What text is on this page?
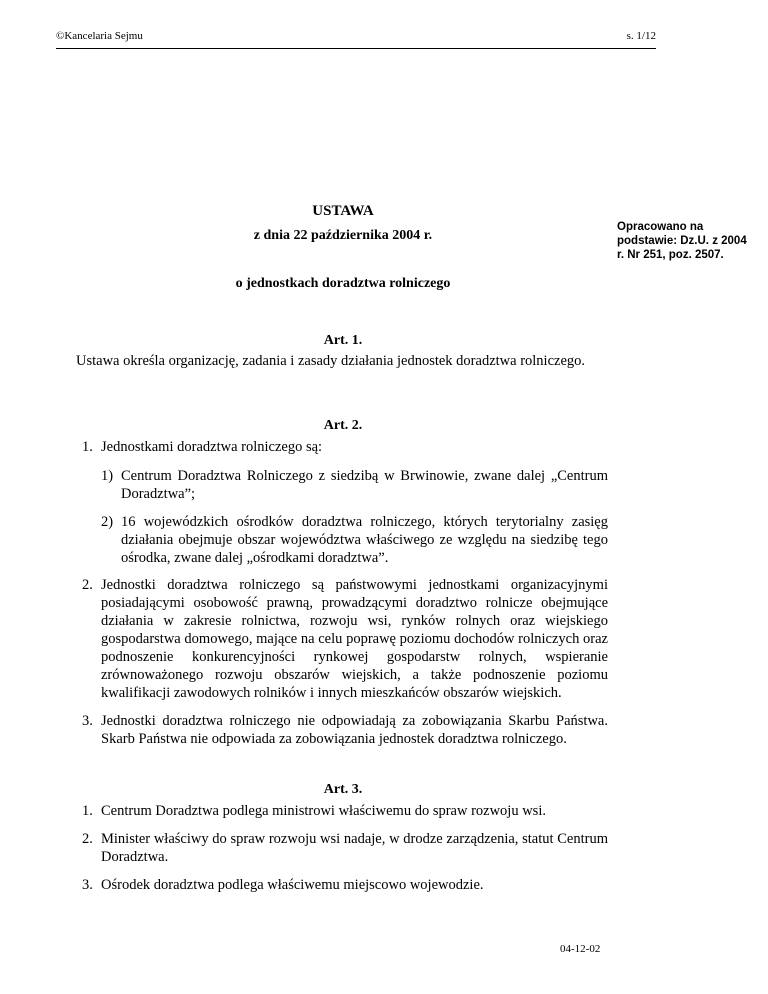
©Kancelaria Sejmu	s. 1/12
USTAWA
z dnia 22 października 2004 r.
o jednostkach doradztwa rolniczego
Opracowano na podstawie: Dz.U. z 2004 r. Nr 251, poz. 2507.
Art. 1.
Ustawa określa organizację, zadania i zasady działania jednostek doradztwa rolniczego.
Art. 2.
1. Jednostkami doradztwa rolniczego są:
1) Centrum Doradztwa Rolniczego z siedzibą w Brwinowie, zwane dalej „Centrum Doradztwa”;
2) 16 wojewódzkich ośrodków doradztwa rolniczego, których terytorialny zasięg działania obejmuje obszar województwa właściwego ze względu na siedzibę tego ośrodka, zwane dalej „ośrodkami doradztwa”.
2. Jednostki doradztwa rolniczego są państwowymi jednostkami organizacyjnymi posiadającymi osobowość prawną, prowadzącymi doradztwo rolnicze obejmujące działania w zakresie rolnictwa, rozwoju wsi, rynków rolnych oraz wiejskiego gospodarstwa domowego, mające na celu poprawę poziomu dochodów rolniczych oraz podnoszenie konkurencyjności rynkowej gospodarstw rolnych, wspieranie zrównoważonego rozwoju obszarów wiejskich, a także podnoszenie poziomu kwalifikacji zawodowych rolników i innych mieszkańców obszarów wiejskich.
3. Jednostki doradztwa rolniczego nie odpowiadają za zobowiązania Skarbu Państwa. Skarb Państwa nie odpowiada za zobowiązania jednostek doradztwa rolniczego.
Art. 3.
1. Centrum Doradztwa podlega ministrowi właściwemu do spraw rozwoju wsi.
2. Minister właściwy do spraw rozwoju wsi nadaje, w drodze zarządzenia, statut Centrum Doradztwa.
3. Ośrodek doradztwa podlega właściwemu miejscowo wojewodzie.
04-12-02
